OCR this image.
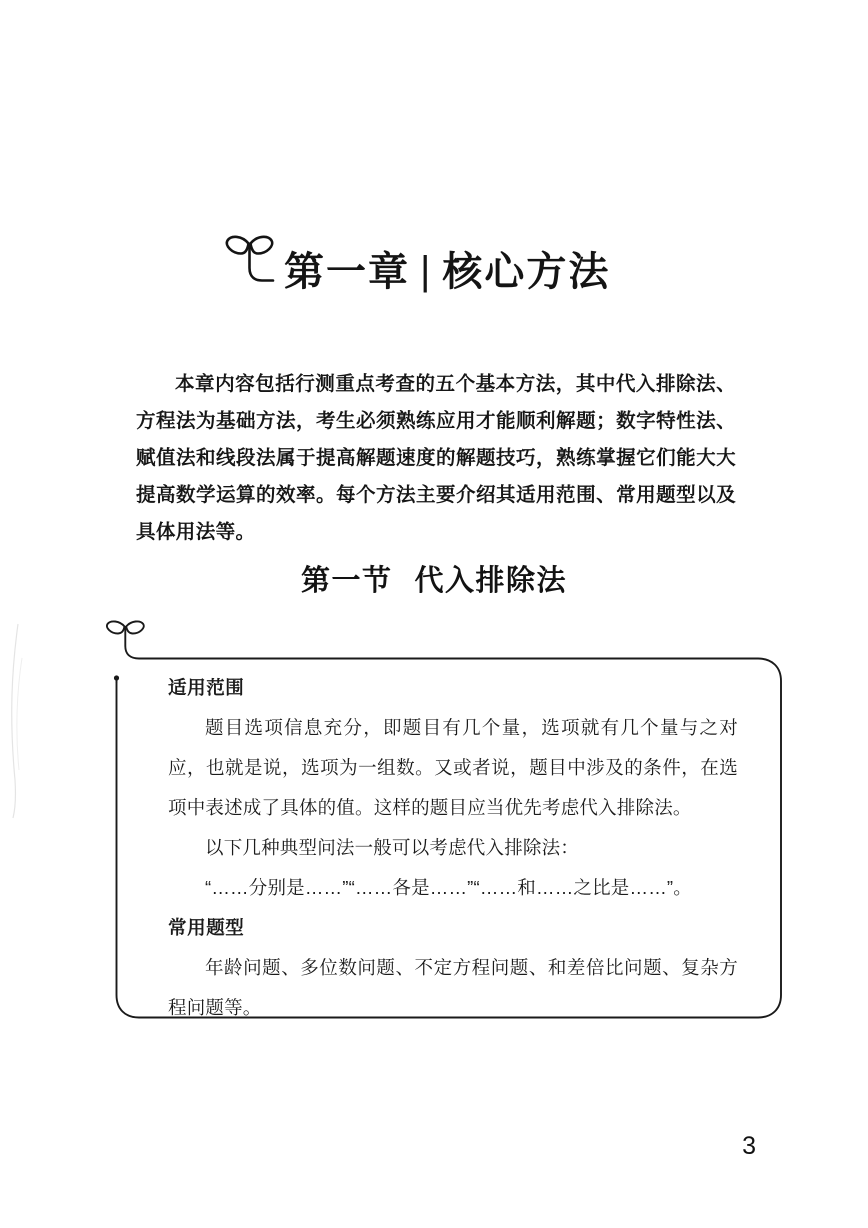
第一章 | 核心方法
本章内容包括行测重点考查的五个基本方法，其中代入排除法、方程法为基础方法，考生必须熟练应用才能顺利解题；数字特性法、赋值法和线段法属于提高解题速度的解题技巧，熟练掌握它们能大大提高数学运算的效率。每个方法主要介绍其适用范围、常用题型以及具体用法等。
第一节 代入排除法

适用范围

题目选项信息充分，即题目有几个量，选项就有几个量与之对应，也就是说，选项为一组数。又或者说，题目中涉及的条件，在选项中表述成了具体的值。这样的题目应当优先考虑代入排除法。

以下几种典型问法一般可以考虑代入排除法：

“……分别是……”“……各是……”“……和……之比是……”。

常用题型

年龄问题、多位数问题、不定方程问题、和差倍比问题、复杂方程问题等。

3
